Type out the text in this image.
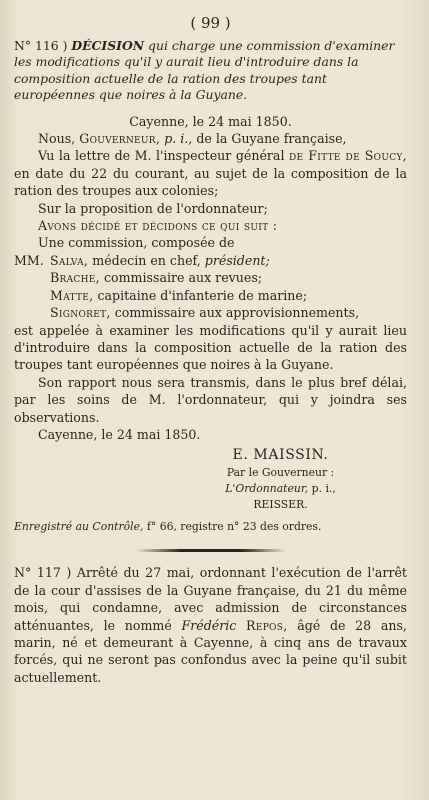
( 99 )
N° 116 ) DÉCISION qui charge une commission d'examiner les modifications qu'il y aurait lieu d'introduire dans la composition actuelle de la ration des troupes tant européennes que noires à la Guyane.

Cayenne, le 24 mai 1850.

Nous, Gouverneur, p. i., de la Guyane française,

Vu la lettre de M. l'inspecteur général de Fitte de Soucy, en date du 22 du courant, au sujet de la composition de la ration des troupes aux colonies;

Sur la proposition de l'ordonnateur;

Avons décidé et décidons ce qui suit :

Une commission, composée de

MM. Salva, médecin en chef, président;

Brache, commissaire aux revues;

Matte, capitaine d'infanterie de marine;

Signoret, commissaire aux approvisionnements,

est appelée à examiner les modifications qu'il y aurait lieu d'introduire dans la composition actuelle de la ration des troupes tant européennes que noires à la Guyane.

Son rapport nous sera transmis, dans le plus bref délai, par les soins de M. l'ordonnateur, qui y joindra ses observations.

Cayenne, le 24 mai 1850.

E. MAISSIN.
Par le Gouverneur :
L'Ordonnateur, p. i.,
REISSER.
Enregistré au Contrôle, f° 66, registre n° 23 des ordres.

N° 117 ) Arrêté du 27 mai, ordonnant l'exécution de l'arrêt de la cour d'assises de la Guyane française, du 21 du même mois, qui condamne, avec admission de circonstances atténuantes, le nommé Frédéric Repos, âgé de 28 ans, marin, né et demeurant à Cayenne, à cinq ans de travaux forcés, qui ne seront pas confondus avec la peine qu'il subit actuellement.
